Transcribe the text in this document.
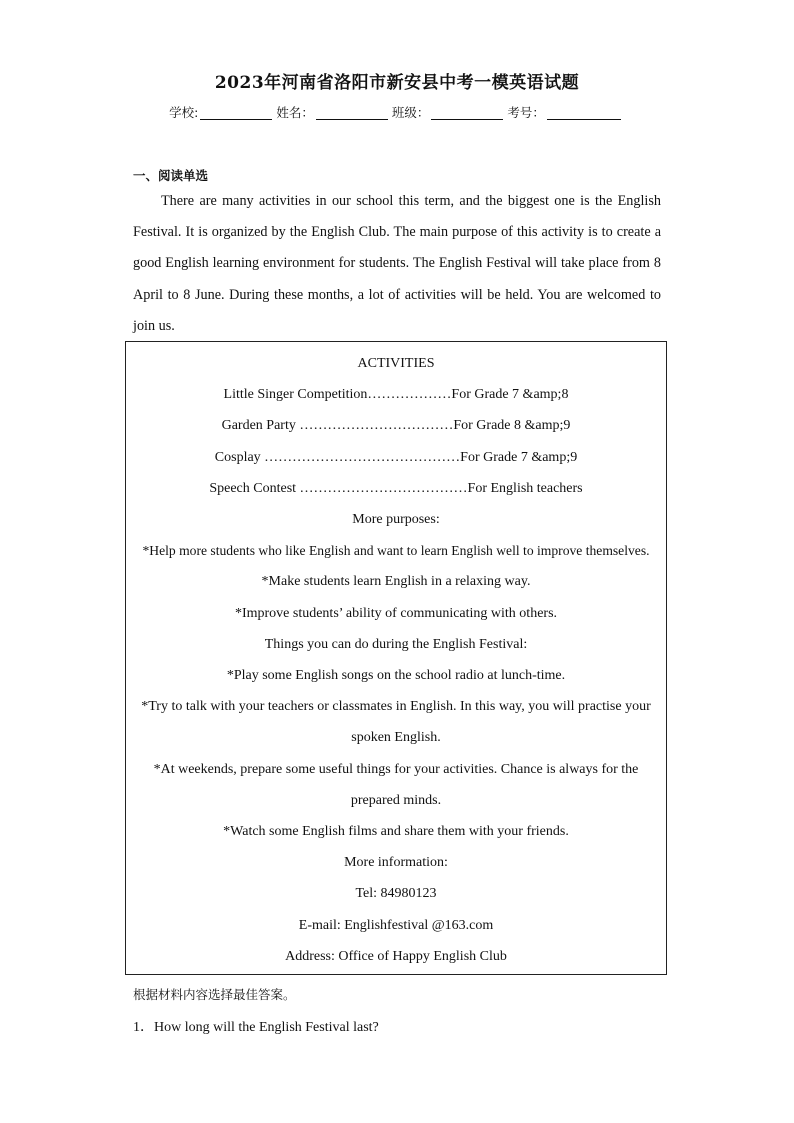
2023年河南省洛阳市新安县中考一模英语试题
学校:	姓名：	班级：	考号：
一、阅读单选

There are many activities in our school this term, and the biggest one is the English Festival. It is organized by the English Club. The main purpose of this activity is to create a good English learning environment for students. The English Festival will take place from 8 April to 8 June. During these months, a lot of activities will be held. You are welcomed to join us.

ACTIVITIES
Little Singer Competition………………For Grade 7 &amp;8
Garden Party ……………………………For Grade 8 &amp;9
Cosplay ……………………………………For Grade 7 &amp;9
Speech Contest ………………………………For English teachers
More purposes:
*Help more students who like English and want to learn English well to improve themselves.
*Make students learn English in a relaxing way.
*Improve students’ ability of communicating with others.
Things you can do during the English Festival:
*Play some English songs on the school radio at lunch-time.
*Try to talk with your teachers or classmates in English. In this way, you will practise your spoken English.
*At weekends, prepare some useful things for your activities. Chance is always for the prepared minds.
*Watch some English films and share them with your friends.
More information:
Tel: 84980123
E-mail: Englishfestival @163.com
Address: Office of Happy English Club
根据材料内容选择最佳答案。
1．How long will the English Festival last?
